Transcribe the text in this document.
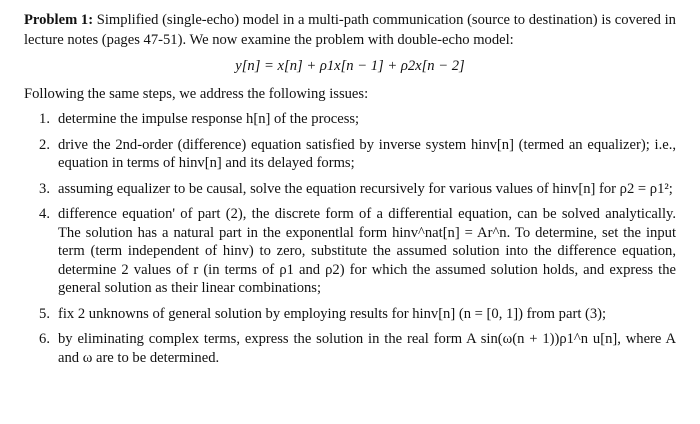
Problem 1: Simplified (single-echo) model in a multi-path communication (source to destination) is covered in lecture notes (pages 47-51). We now examine the problem with double-echo model:

y[n] = x[n] + ρ1x[n − 1] + ρ2x[n − 2]

Following the same steps, we address the following issues:

1. determine the impulse response h[n] of the process;
2. drive the 2nd-order (difference) equation satisfied by inverse system hinv[n] (termed an equalizer); i.e., equation in terms of hinv[n] and its delayed forms;
3. assuming equalizer to be causal, solve the equation recursively for various values of hinv[n] for ρ2 = ρ1²;
4. difference equation' of part (2), the discrete form of a differential equation, can be solved analytically. The solution has a natural part in the exponentlal form hinv^nat[n] = Ar^n. To determine, set the input term (term independent of hinv) to zero, substitute the assumed solution into the difference equation, determine 2 values of r (in terms of ρ1 and ρ2) for which the assumed solution holds, and express the general solution as their linear combinations;
5. fix 2 unknowns of general solution by employing results for hinv[n] (n = [0, 1]) from part (3);
6. by eliminating complex terms, express the solution in the real form A sin(ω(n + 1))ρ1^n u[n], where A and ω are to be determined.
